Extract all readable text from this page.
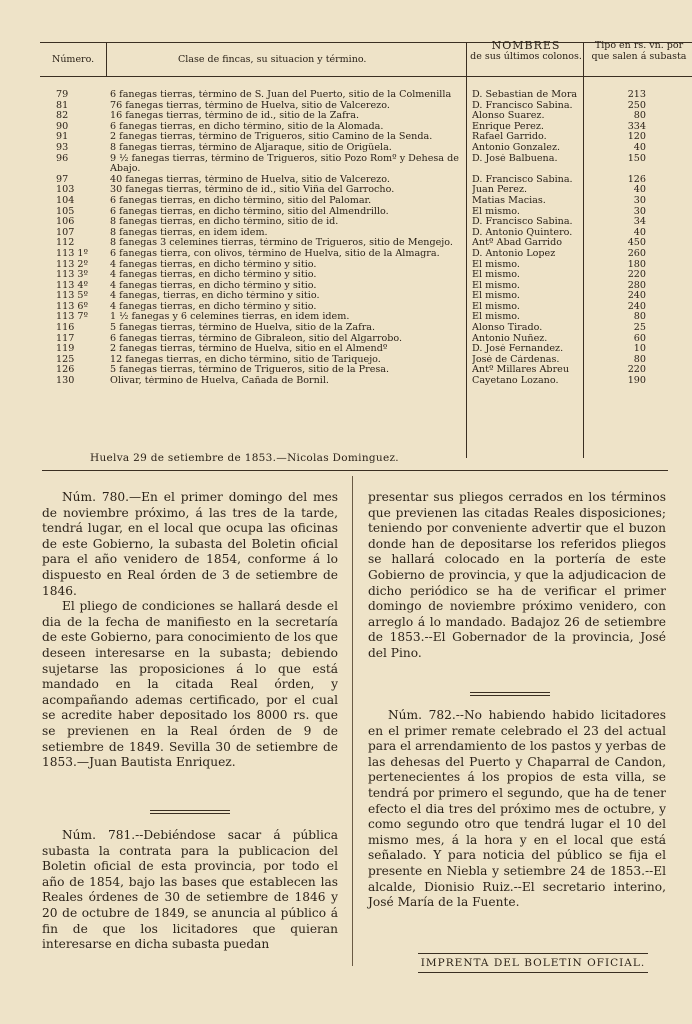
Número.	Clase de fincas, su situacion y término.
NOMBRES
de sus últimos colonos.
Tipo en rs. vn. por
que salen á subasta
79	6 fanegas tierras, término de S. Juan del Puerto, sitio de la Colmenilla	D. Sebastian de Mora	213
81	76 fanegas tierras, término de Huelva, sitio de Valcerezo.	D. Francisco Sabina.	250
82	16 fanegas tierras, término de id., sitio de la Zafra.	Alonso Suarez.	80
90	6 fanegas tierras, en dicho término, sitio de la Alomada.	Enrique Perez.	334
91	2 fanegas tierras, término de Trigueros, sitio Camino de la Senda.	Rafael Garrido.	120
93	8 fanegas tierras, término de Aljaraque, sitio de Origüela.	Antonio Gonzalez.	40
96	9 ½ fanegas tierras, término de Trigueros, sitio Pozo Romº y Dehesa de Abajo.
D. José Balbuena.	150
97	40 fanegas tierras, término de Huelva, sitio de Valcerezo.	D. Francisco Sabina.	126
103	30 fanegas tierras, término de id., sitio Viña del Garrocho.	Juan Perez.	40
104	6 fanegas tierras, en dicho término, sitio del Palomar.	Matias Macias.	30
105	6 fanegas tierras, en dicho término, sitio del Almendrillo.	El mismo.	30
106	8 fanegas tierras, en dicho término, sitio de id.	D. Francisco Sabina.	34
107	8 fanegas tierras, en idem idem.	D. Antonio Quintero.	40
112	8 fanegas 3 celemines tierras, término de Trigueros, sitio de Mengejo.	Antº Abad Garrido	450
113 1º	6 fanegas tierra, con olivos, término de Huelva, sitio de la Almagra.	D. Antonio Lopez	260
113 2º	4 fanegas tierras, en dicho término y sitio.	El mismo.	180
113 3º	4 fanegas tierras, en dicho término y sitio.	El mismo.	220
113 4º	4 fanegas tierras, en dicho término y sitio.	El mismo.	280
113 5º	4 fanegas, tierras, en dicho término y sitio.	El mismo.	240
113 6º	4 fanegas tierras, en dicho término y sitio.	El mismo.	240
113 7º	1 ½ fanegas y 6 celemines tierras, en idem idem.	El mismo.	80
116	5 fanegas tierras, término de Huelva, sitio de la Zafra.	Alonso Tirado.	25
117	6 fanegas tierras, término de Gibraleon, sitio del Algarrobo.	Antonio Nuñez.	60
119	2 fanegas tierras, término de Huelva, sitio en el Almendº	D. José Fernandez.	10
125	12 fanegas tierras, en dicho término, sitio de Tariquejo.	José de Cárdenas.	80
126	5 fanegas tierras, término de Trigueros, sitio de la Presa.	Antº Millares Abreu	220
130	Olivar, término de Huelva, Cañada de Bornil.	Cayetano Lozano.	190
Huelva 29 de setiembre de 1853.—Nicolas Dominguez.

Núm. 780.—En el primer domingo del mes de noviembre próximo, á las tres de la tarde, tendrá lugar, en el local que ocupa las oficinas de este Gobierno, la subasta del Boletin oficial para el año venidero de 1854, conforme á lo dispuesto en Real órden de 3 de setiembre de 1846.

El pliego de condiciones se hallará desde el dia de la fecha de manifiesto en la secretaría de este Gobierno, para conocimiento de los que deseen interesarse en la subasta; debiendo sujetarse las proposiciones á lo que está mandado en la citada Real órden, y acompañando ademas certificado, por el cual se acredite haber depositado los 8000 rs. que se previenen en la Real órden de 9 de setiembre de 1849. Sevilla 30 de setiembre de 1853.—Juan Bautista Enriquez.

Núm. 781.--Debiéndose sacar á pública subasta la contrata para la publicacion del Boletin oficial de esta provincia, por todo el año de 1854, bajo las bases que establecen las Reales órdenes de 30 de setiembre de 1846 y 20 de octubre de 1849, se anuncia al público á fin de que los licitadores que quieran interesarse en dicha subasta puedan

presentar sus pliegos cerrados en los términos que previenen las citadas Reales disposiciones; teniendo por conveniente advertir que el buzon donde han de depositarse los referidos pliegos se hallará colocado en la portería de este Gobierno de provincia, y que la adjudicacion de dicho periódico se ha de verificar el primer domingo de noviembre próximo venidero, con arreglo á lo mandado. Badajoz 26 de setiembre de 1853.--El Gobernador de la provincia, José del Pino.

Núm. 782.--No habiendo habido licitadores en el primer remate celebrado el 23 del actual para el arrendamiento de los pastos y yerbas de las dehesas del Puerto y Chaparral de Candon, pertenecientes á los propios de esta villa, se tendrá por primero el segundo, que ha de tener efecto el dia tres del próximo mes de octubre, y como segundo otro que tendrá lugar el 10 del mismo mes, á la hora y en el local que está señalado. Y para noticia del público se fija el presente en Niebla y setiembre 24 de 1853.--El alcalde, Dionisio Ruiz.--El secretario interino, José María de la Fuente.

IMPRENTA DEL BOLETIN OFICIAL.
